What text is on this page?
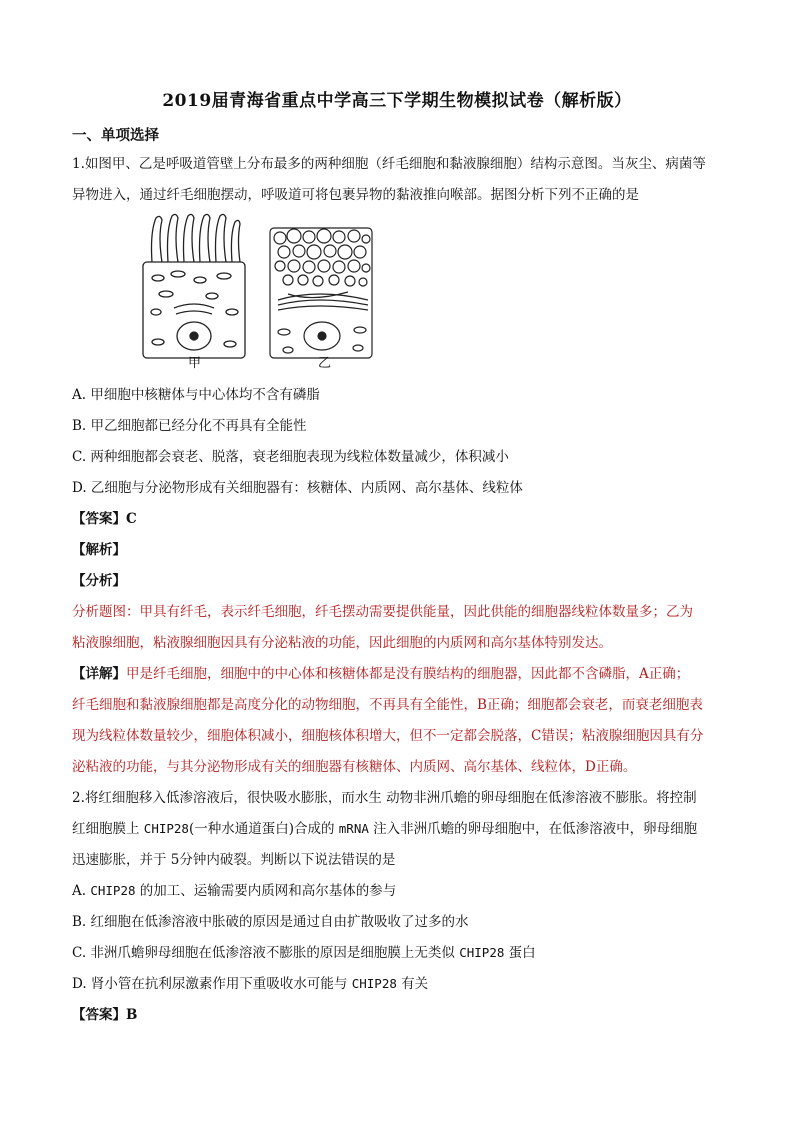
2019届青海省重点中学高三下学期生物模拟试卷（解析版）
一、单项选择
1.如图甲、乙是呼吸道管壁上分布最多的两种细胞（纤毛细胞和黏液腺细胞）结构示意图。当灰尘、病菌等
异物进入，通过纤毛细胞摆动，呼吸道可将包裹异物的黏液推向喉部。据图分析下列不正确的是
甲	乙
A. 甲细胞中核糖体与中心体均不含有磷脂
B. 甲乙细胞都已经分化不再具有全能性
C. 两种细胞都会衰老、脱落，衰老细胞表现为线粒体数量减少，体积减小
D. 乙细胞与分泌物形成有关细胞器有：核糖体、内质网、高尔基体、线粒体
【答案】C
【解析】
【分析】
分析题图：甲具有纤毛，表示纤毛细胞，纤毛摆动需要提供能量，因此供能的细胞器线粒体数量多；乙为
粘液腺细胞，粘液腺细胞因具有分泌粘液的功能，因此细胞的内质网和高尔基体特别发达。
【详解】甲是纤毛细胞，细胞中的中心体和核糖体都是没有膜结构的细胞器，因此都不含磷脂，A正确；
纤毛细胞和黏液腺细胞都是高度分化的动物细胞，不再具有全能性，B正确；细胞都会衰老，而衰老细胞表
现为线粒体数量较少，细胞体积减小，细胞核体积增大，但不一定都会脱落，C错误；粘液腺细胞因具有分
泌粘液的功能，与其分泌物形成有关的细胞器有核糖体、内质网、高尔基体、线粒体，D正确。
2.将红细胞移入低渗溶液后，很快吸水膨胀，而水生 动物非洲爪蟾的卵母细胞在低渗溶液不膨胀。将控制
红细胞膜上 CHIP28(一种水通道蛋白)合成的 mRNA 注入非洲爪蟾的卵母细胞中，在低渗溶液中，卵母细胞
迅速膨胀，并于 5分钟内破裂。判断以下说法错误的是
A. CHIP28 的加工、运输需要内质网和高尔基体的参与
B. 红细胞在低渗溶液中胀破的原因是通过自由扩散吸收了过多的水
C. 非洲爪蟾卵母细胞在低渗溶液不膨胀的原因是细胞膜上无类似 CHIP28 蛋白
D. 肾小管在抗利尿激素作用下重吸收水可能与 CHIP28 有关
【答案】B
